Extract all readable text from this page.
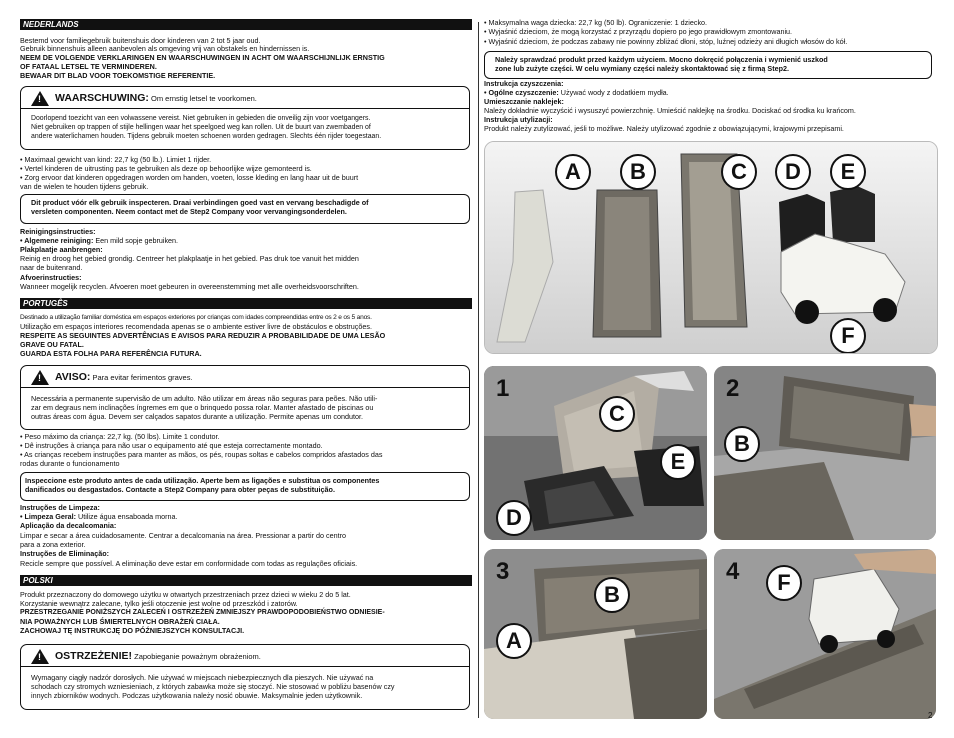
NEDERLANDS
Bestemd voor familiegebruik buitenshuis door kinderen van 2 tot 5 jaar oud.
Gebruik binnenshuis alleen aanbevolen als omgeving vrij van obstakels en hindernissen is.
NEEM DE VOLGENDE VERKLARINGEN EN WAARSCHUWINGEN IN ACHT OM WAARSCHIJNLIJK ERNSTIG
OF FATAAL LETSEL TE VERMINDEREN.
BEWAAR DIT BLAD VOOR TOEKOMSTIGE REFERENTIE.
! WAARSCHUWING: Om ernstig letsel te voorkomen.
Doorlopend toezicht van een volwassene vereist. Niet gebruiken in gebieden die onveilig zijn voor voetgangers.
Niet gebruiken op trappen of stijle hellingen waar het speelgoed weg kan rollen. Uit de buurt van zwembaden of
andere waterlichamen houden. Tijdens gebruik moeten schoenen worden gedragen. Slechts één rijder toegestaan.
• Maximaal gewicht van kind: 22,7 kg (50 lb.). Limiet 1 rijder.
• Vertel kinderen de uitrusting pas te gebruiken als deze op behoorlijke wijze gemonteerd is.
• Zorg ervoor dat kinderen opgedragen worden om handen, voeten, losse kleding en lang haar uit de buurt
van de wielen te houden tijdens gebruik.
Dit product vóór elk gebruik inspecteren. Draai verbindingen goed vast en vervang beschadigde of
versleten componenten. Neem contact met de Step2 Company voor vervangingsonderdelen.
Reinigingsinstructies:
• Algemene reiniging: Een mild sopje gebruiken.
Plakplaatje aanbrengen:
Reinig en droog het gebied grondig. Centreer het plakplaatje in het gebied. Pas druk toe vanuit het midden
naar de buitenrand.
Afvoerinstructies:
Wanneer mogelijk recyclen. Afvoeren moet gebeuren in overeenstemming met alle overheidsvoorschriften.
PORTUGÊS
Destinado a utilização familiar doméstica em espaços exteriores por crianças com idades compreendidas entre os 2 e os 5 anos.
Utilização em espaços interiores recomendada apenas se o ambiente estiver livre de obstáculos e obstruções.
RESPEITE AS SEGUINTES ADVERTÊNCIAS E AVISOS PARA REDUZIR A PROBABILIDADE DE UMA LESÃO
GRAVE OU FATAL.
GUARDA ESTA FOLHA PARA REFERÊNCIA FUTURA.
! AVISO: Para evitar ferimentos graves.
Necessária a permanente supervisão de um adulto. Não utilizar em áreas não seguras para peões. Não utili-
zar em degraus nem inclinações íngremes em que o brinquedo possa rolar. Manter afastado de piscinas ou
outras áreas com água. Devem ser calçados sapatos durante a utilização. Permite apenas um condutor.
• Peso máximo da criança: 22,7 kg. (50 lbs). Limite 1 condutor.
• Dê instruções à criança para não usar o equipamento até que esteja correctamente montado.
• As crianças recebem instruções para manter as mãos, os pés, roupas soltas e cabelos compridos afastados das
rodas durante o funcionamento
Inspeccione este produto antes de cada utilização. Aperte bem as ligações e substitua os componentes
danificados ou desgastados. Contacte a Step2 Company para obter peças de substituição.
Instruções de Limpeza:
• Limpeza Geral: Utilize água ensaboada morna.
Aplicação da decalcomania:
Limpar e secar a área cuidadosamente. Centrar a decalcomania na área. Pressionar a partir do centro
para a zona exterior.
Instruções de Eliminação:
Recicle sempre que possível. A eliminação deve estar em conformidade com todas as regulações oficiais.
POLSKI
Produkt przeznaczony do domowego użytku w otwartych przestrzeniach przez dzieci w wieku 2 do 5 lat.
Korzystanie wewnątrz zalecane, tylko jeśli otoczenie jest wolne od przeszkód i zatorów.
PRZESTRZEGANIE PONIŻSZYCH ZALECEŃ I OSTRZEŻEŃ ZMNIEJSZY PRAWDOPODOBIEŃSTWO ODNIESIE-
NIA POWAŻNYCH LUB ŚMIERTELNYCH OBRAŻEŃ CIAŁA.
ZACHOWAJ TĘ INSTRUKCJĘ DO PÓŹNIEJSZYCH KONSULTACJI.
! OSTRZEŻENIE! Zapobieganie poważnym obrażeniom.
Wymagany ciągły nadzór dorosłych. Nie używać w miejscach niebezpiecznych dla pieszych. Nie używać na
schodach czy stromych wzniesieniach, z których zabawka może się stoczyć. Nie stosować w pobliżu basenów czy
innych zbiorników wodnych. Podczas użytkowania należy nosić obuwie. Maksymalnie jeden użytkownik.
• Maksymalna waga dziecka: 22,7 kg (50 lb). Ograniczenie: 1 dziecko.
• Wyjaśnić dzieciom, że mogą korzystać z przyrządu dopiero po jego prawidłowym zmontowaniu.
• Wyjaśnić dzieciom, że podczas zabawy nie powinny zbliżać dłoni, stóp, luźnej odzieży ani długich włosów do kół.
Należy sprawdzać produkt przed każdym użyciem. Mocno dokręcić połączenia i wymienić uszkod
zone lub zużyte części. W celu wymiany części należy skontaktować się z firmą Step2.
Instrukcja czyszczenia:
• Ogólne czyszczenie: Używać wody z dodatkiem mydła.
Umieszczanie naklejek:
Należy dokładnie wyczyścić i wysuszyć powierzchnię. Umieścić naklejkę na środku. Dociskać od środka ku krańcom.
Instrukcja utylizacji:
Produkt należy zutylizować, jeśli to możliwe. Należy utylizować zgodnie z obowiązującymi, krajowymi przepisami.
A	B	C	D	E
F
1
C
E
D
2
B
3
B
A
4	F
2
